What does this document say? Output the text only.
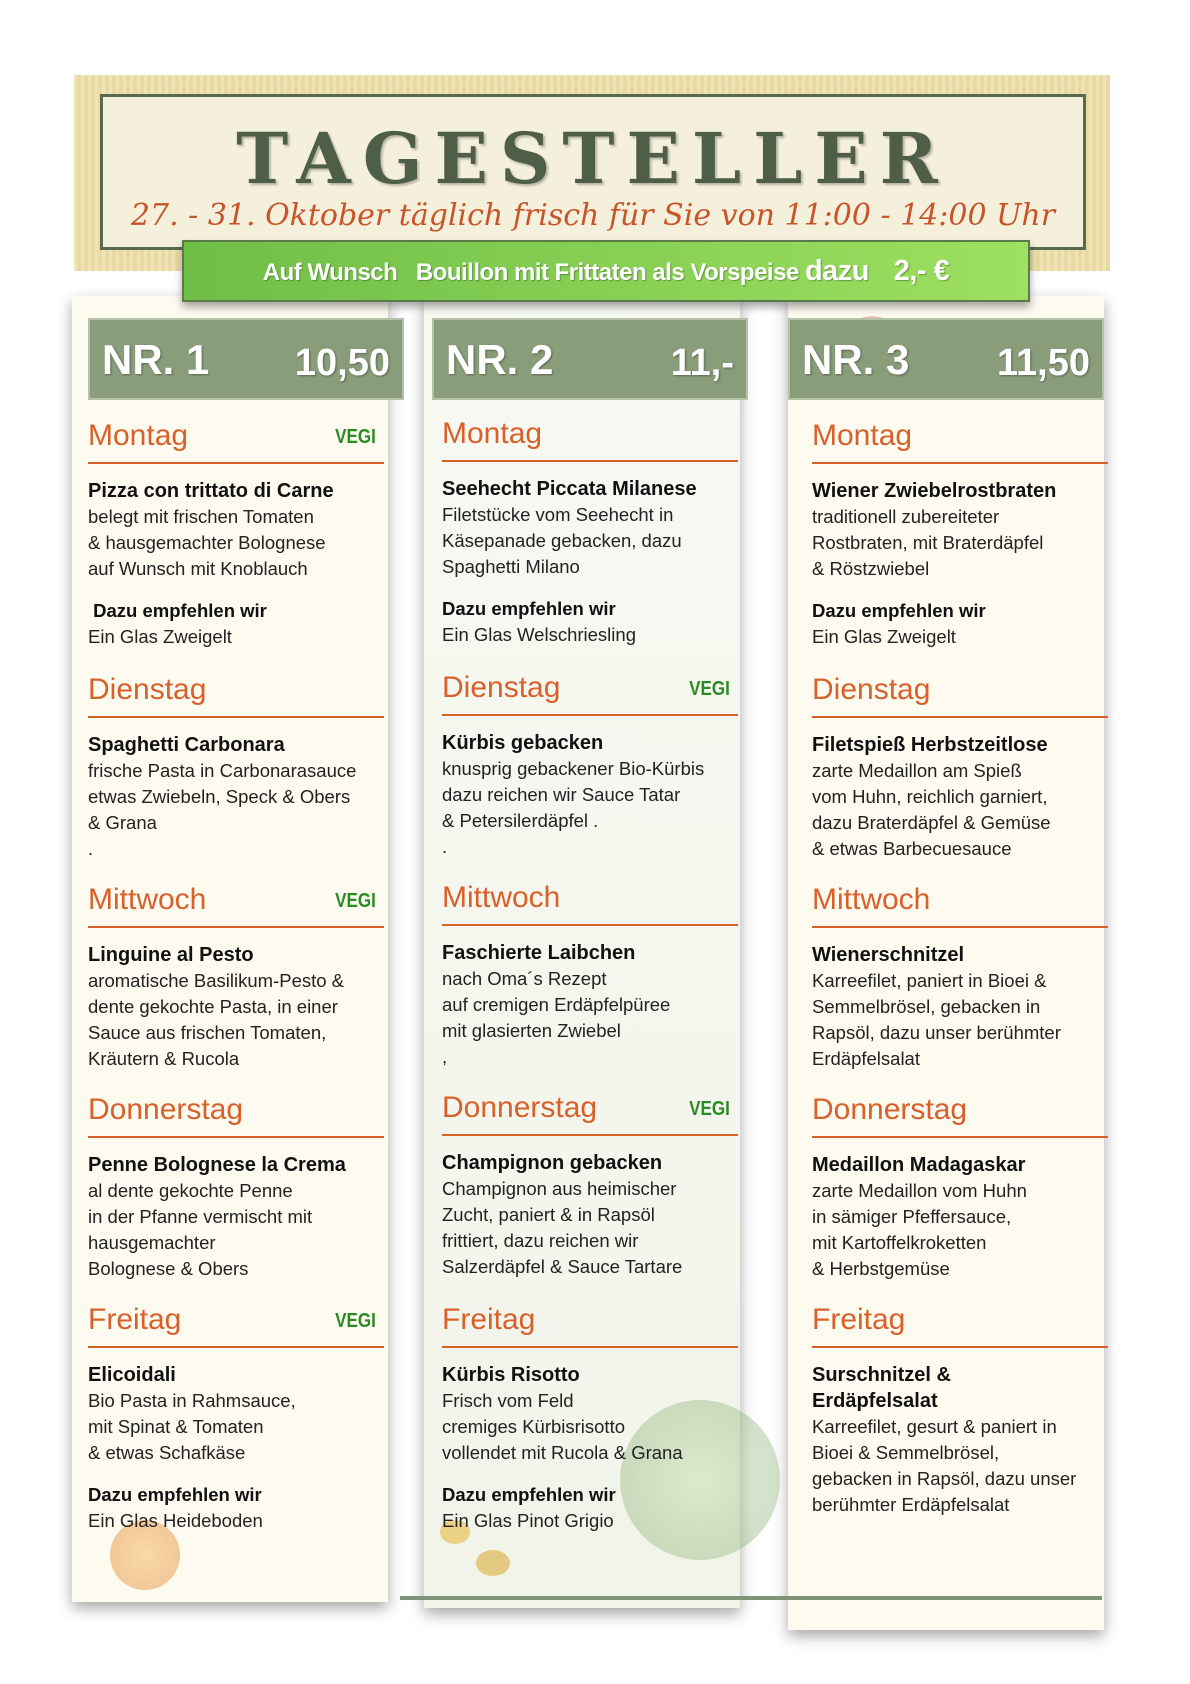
TAGESTELLER
27. - 31. Oktober täglich frisch für Sie von 11:00 - 14:00 Uhr
Auf Wunsch Bouillon mit Frittaten als Vorspeise dazu 2,- €
NR. 1 10,50 NR. 2	11,- NR. 3 11,50
Montag	VEGI
Pizza con trittato di Carne
belegt mit frischen Tomaten
& hausgemachter Bolognese
auf Wunsch mit Knoblauch
Dazu empfehlen wir
Ein Glas Zweigelt
Dienstag
Spaghetti Carbonara
frische Pasta in Carbonarasauce
etwas Zwiebeln, Speck & Obers
& Grana
.
Mittwoch	VEGI
Linguine al Pesto
aromatische Basilikum-Pesto &
dente gekochte Pasta, in einer
Sauce aus frischen Tomaten,
Kräutern & Rucola
Donnerstag
Penne Bolognese la Crema
al dente gekochte Penne
in der Pfanne vermischt mit
hausgemachter
Bolognese & Obers
Freitag	VEGI
Elicoidali
Bio Pasta in Rahmsauce,
mit Spinat & Tomaten
& etwas Schafkäse
Dazu empfehlen wir
Ein Glas Heideboden
Montag
Seehecht Piccata Milanese
Filetstücke vom Seehecht in
Käsepanade gebacken, dazu
Spaghetti Milano
Dazu empfehlen wir
Ein Glas Welschriesling
Dienstag	VEGI
Kürbis gebacken
knusprig gebackener Bio-Kürbis
dazu reichen wir Sauce Tatar
& Petersilerdäpfel .
.
Mittwoch
Faschierte Laibchen
nach Oma´s Rezept
auf cremigen Erdäpfelpüree
mit glasierten Zwiebel
,
Donnerstag	VEGI
Champignon gebacken
Champignon aus heimischer
Zucht, paniert & in Rapsöl
frittiert, dazu reichen wir
Salzerdäpfel & Sauce Tartare
Freitag
Kürbis Risotto
Frisch vom Feld
cremiges Kürbisrisotto
vollendet mit Rucola & Grana
Dazu empfehlen wir
Ein Glas Pinot Grigio
Montag
Wiener Zwiebelrostbraten
traditionell zubereiteter
Rostbraten, mit Braterdäpfel
& Röstzwiebel
Dazu empfehlen wir
Ein Glas Zweigelt
Dienstag
Filetspieß Herbstzeitlose
zarte Medaillon am Spieß
vom Huhn, reichlich garniert,
dazu Braterdäpfel & Gemüse
& etwas Barbecuesauce
Mittwoch
Wienerschnitzel
Karreefilet, paniert in Bioei &
Semmelbrösel, gebacken in
Rapsöl, dazu unser berühmter
Erdäpfelsalat
Donnerstag
Medaillon Madagaskar
zarte Medaillon vom Huhn
in sämiger Pfeffersauce,
mit Kartoffelkroketten
& Herbstgemüse
Freitag
Surschnitzel &
Erdäpfelsalat
Karreefilet, gesurt & paniert in
Bioei & Semmelbrösel,
gebacken in Rapsöl, dazu unser
berühmter Erdäpfelsalat
